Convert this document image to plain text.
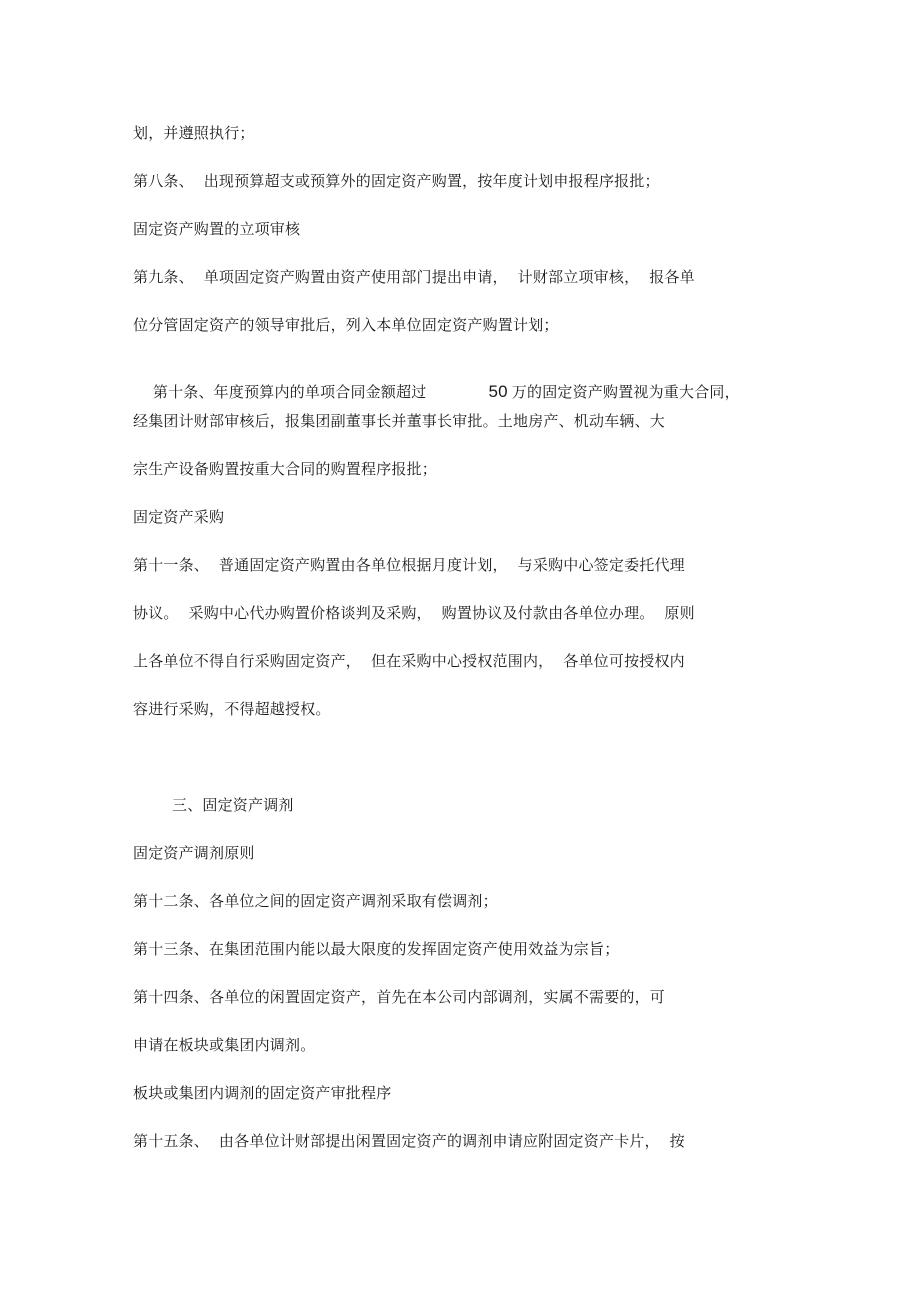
划，并遵照执行；
第八条、  出现预算超支或预算外的固定资产购置，按年度计划申报程序报批；
固定资产购置的立项审核
第九条、  单项固定资产购置由资产使用部门提出申请，  计财部立项审核，  报各单
位分管固定资产的领导审批后，列入本单位固定资产购置计划；

第十条、年度预算内的单项合同金额超过	50 万的固定资产购置视为重大合同，

经集团计财部审核后，报集团副董事长并董事长审批。土地房产、机动车辆、大
宗生产设备购置按重大合同的购置程序报批；
固定资产采购
第十一条、  普通固定资产购置由各单位根据月度计划，  与采购中心签定委托代理
协议。  采购中心代办购置价格谈判及采购，  购置协议及付款由各单位办理。  原则
上各单位不得自行采购固定资产，  但在采购中心授权范围内，  各单位可按授权内
容进行采购，不得超越授权。
三、固定资产调剂
固定资产调剂原则
第十二条、各单位之间的固定资产调剂采取有偿调剂；
第十三条、在集团范围内能以最大限度的发挥固定资产使用效益为宗旨；
第十四条、各单位的闲置固定资产，首先在本公司内部调剂，实属不需要的，可
申请在板块或集团内调剂。
板块或集团内调剂的固定资产审批程序
第十五条、  由各单位计财部提出闲置固定资产的调剂申请应附固定资产卡片，  按
